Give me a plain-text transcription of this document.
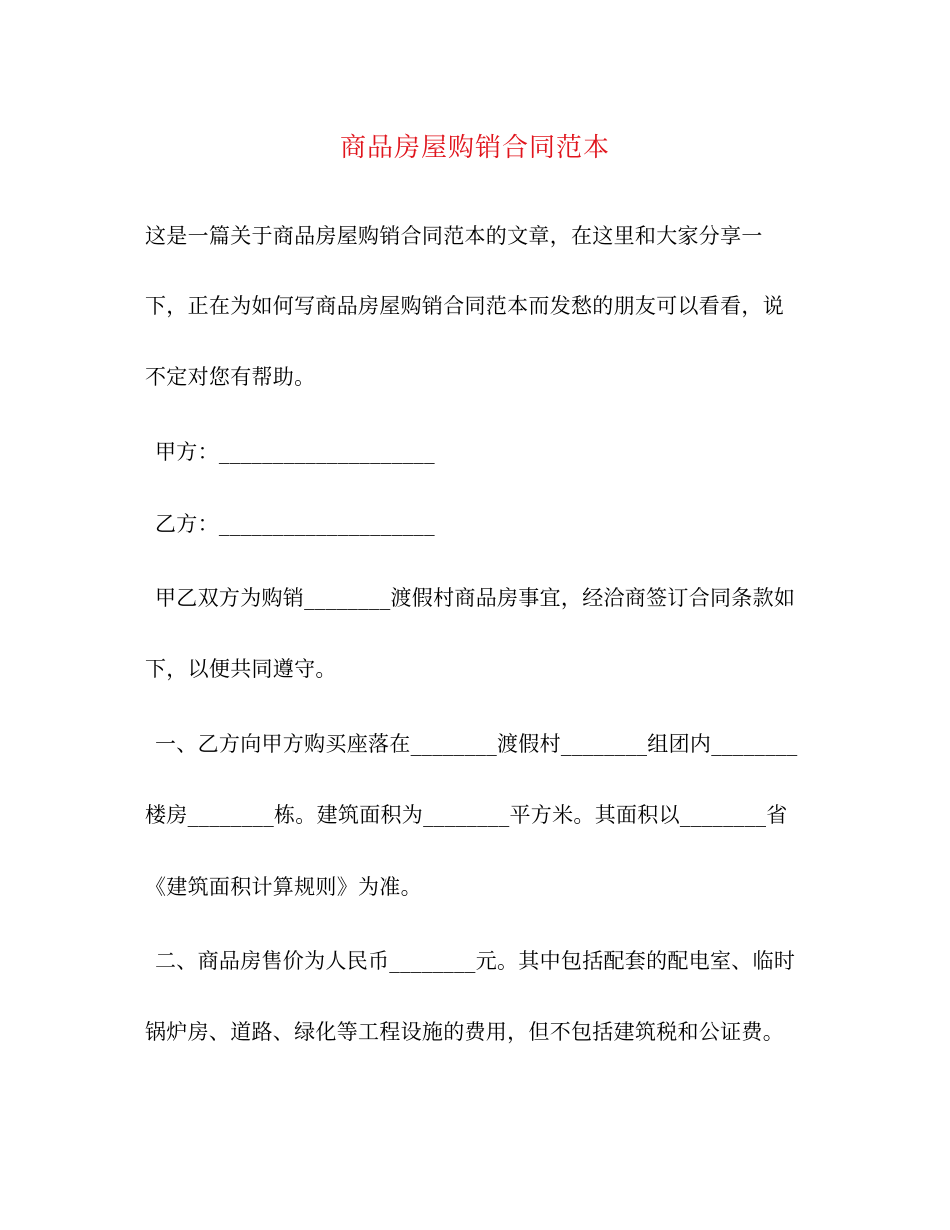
商品房屋购销合同范本
这是一篇关于商品房屋购销合同范本的文章，在这里和大家分享一
下，正在为如何写商品房屋购销合同范本而发愁的朋友可以看看，说
不定对您有帮助。
甲方：____________________
乙方：____________________
甲乙双方为购销________渡假村商品房事宜，经洽商签订合同条款如
下，以便共同遵守。
一、乙方向甲方购买座落在________渡假村________组团内________
楼房________栋。建筑面积为________平方米。其面积以________省
《建筑面积计算规则》为准。
二、商品房售价为人民币________元。其中包括配套的配电室、临时
锅炉房、道路、绿化等工程设施的费用，但不包括建筑税和公证费。
